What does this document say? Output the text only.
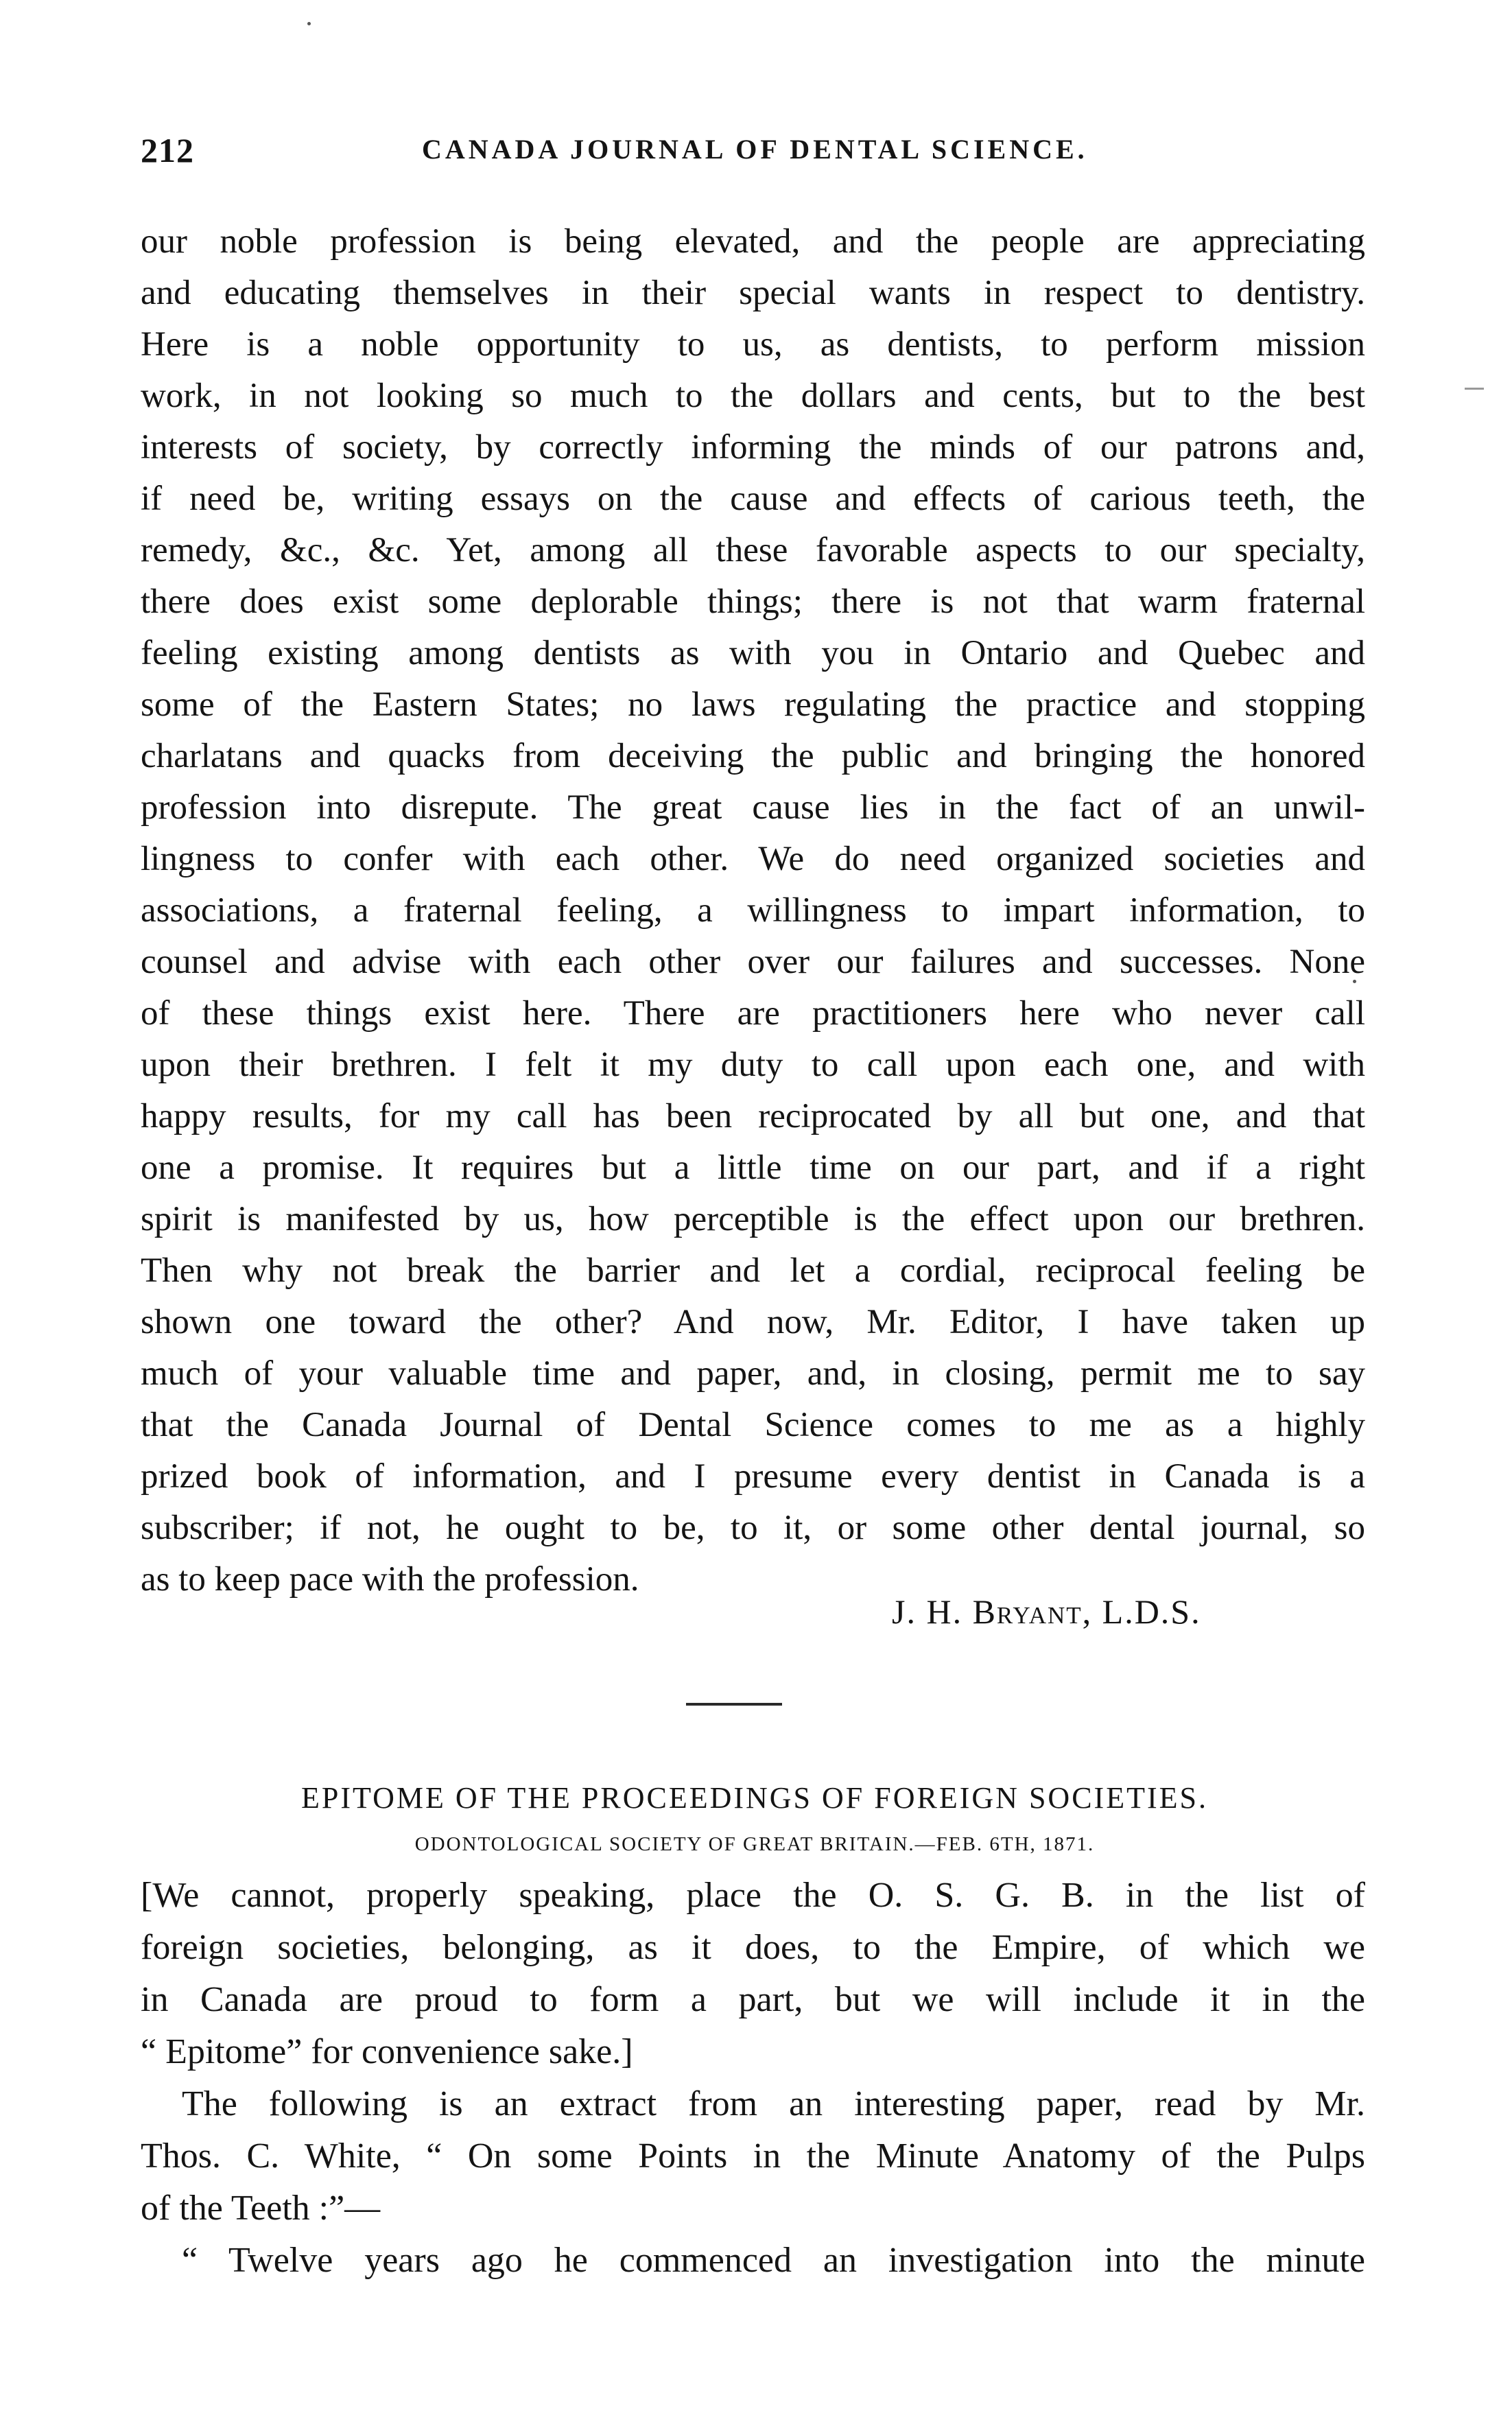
212	CANADA JOURNAL OF DENTAL SCIENCE.
our noble profession is being elevated, and the people are appreciating
and educating themselves in their special wants in respect to dentistry.
Here is a noble opportunity to us, as dentists, to perform mission
work, in not looking so much to the dollars and cents, but to the best
interests of society, by correctly informing the minds of our patrons and,
if need be, writing essays on the cause and effects of carious teeth, the
remedy, &c., &c. Yet, among all these favorable aspects to our specialty,
there does exist some deplorable things; there is not that warm fraternal
feeling existing among dentists as with you in Ontario and Quebec and
some of the Eastern States; no laws regulating the practice and stopping
charlatans and quacks from deceiving the public and bringing the honored
profession into disrepute. The great cause lies in the fact of an unwil-
lingness to confer with each other. We do need organized societies and
associations, a fraternal feeling, a willingness to impart information, to
counsel and advise with each other over our failures and successes. None
of these things exist here. There are practitioners here who never call
upon their brethren. I felt it my duty to call upon each one, and with
happy results, for my call has been reciprocated by all but one, and that
one a promise. It requires but a little time on our part, and if a right
spirit is manifested by us, how perceptible is the effect upon our brethren.
Then why not break the barrier and let a cordial, reciprocal feeling be
shown one toward the other? And now, Mr. Editor, I have taken up
much of your valuable time and paper, and, in closing, permit me to say
that the Canada Journal of Dental Science comes to me as a highly
prized book of information, and I presume every dentist in Canada is a
subscriber; if not, he ought to be, to it, or some other dental journal, so
as to keep pace with the profession.
J. H. Bryant, L.D.S.
EPITOME OF THE PROCEEDINGS OF FOREIGN SOCIETIES.
ODONTOLOGICAL SOCIETY OF GREAT BRITAIN.—FEB. 6TH, 1871.
[We cannot, properly speaking, place the O. S. G. B. in the list of
foreign societies, belonging, as it does, to the Empire, of which we
in Canada are proud to form a part, but we will include it in the
“ Epitome” for convenience sake.]
The following is an extract from an interesting paper, read by Mr.
Thos. C. White, “ On some Points in the Minute Anatomy of the Pulps
of the Teeth :”—
“ Twelve years ago he commenced an investigation into the minute
